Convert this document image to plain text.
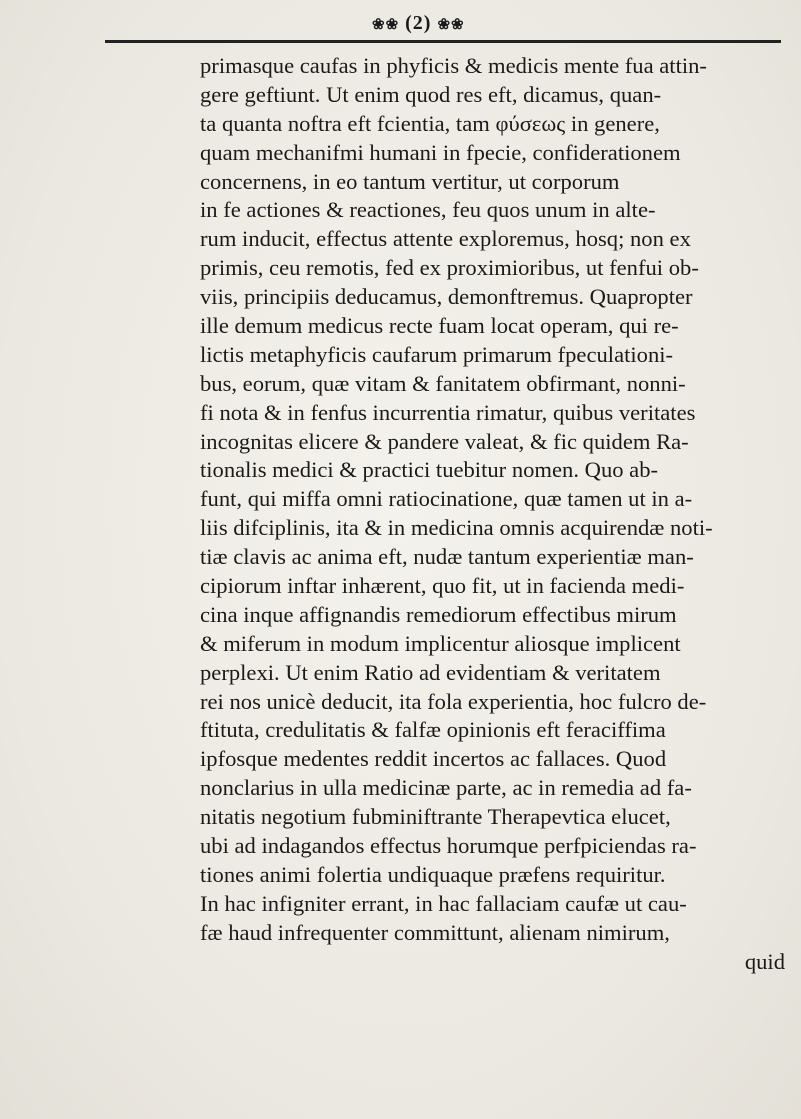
❀❀ (2) ❀❀
primasque caufas in phyficis & medicis mente fua attin-
gere geftiunt. Ut enim quod res eft, dicamus, quan-
ta quanta noftra eft fcientia, tam φύσεως in genere,
quam mechanifmi humani in fpecie, confiderationem
concernens, in eo tantum vertitur, ut corporum
in fe actiones & reactiones, feu quos unum in alte-
rum inducit, effectus attente exploremus, hosq; non ex
primis, ceu remotis, fed ex proximioribus, ut fenfui ob-
viis, principiis deducamus, demonftremus. Quapropter
ille demum medicus recte fuam locat operam, qui re-
lictis metaphyficis caufarum primarum fpeculationi-
bus, eorum, quæ vitam & fanitatem obfirmant, nonni-
fi nota & in fenfus incurrentia rimatur, quibus veritates
incognitas elicere & pandere valeat, & fic quidem Ra-
tionalis medici & practici tuebitur nomen. Quo ab-
funt, qui miffa omni ratiocinatione, quæ tamen ut in a-
liis difciplinis, ita & in medicina omnis acquirendæ noti-
tiæ clavis ac anima eft, nudæ tantum experientiæ man-
cipiorum inftar inhærent, quo fit, ut in facienda medi-
cina inque affignandis remediorum effectibus mirum
& miferum in modum implicentur aliosque implicent
perplexi. Ut enim Ratio ad evidentiam & veritatem
rei nos unicè deducit, ita fola experientia, hoc fulcro de-
ftituta, credulitatis & falfæ opinionis eft feraciffima
ipfosque medentes reddit incertos ac fallaces. Quod
nonclarius in ulla medicinæ parte, ac in remedia ad fa-
nitatis negotium fubminiftrante Therapevtica elucet,
ubi ad indagandos effectus horumque perfpiciendas ra-
tiones animi folertia undiquaque præfens requiritur.
In hac infigniter errant, in hac fallaciam caufæ ut cau-
fæ haud infrequenter committunt, alienam nimirum,
quid
